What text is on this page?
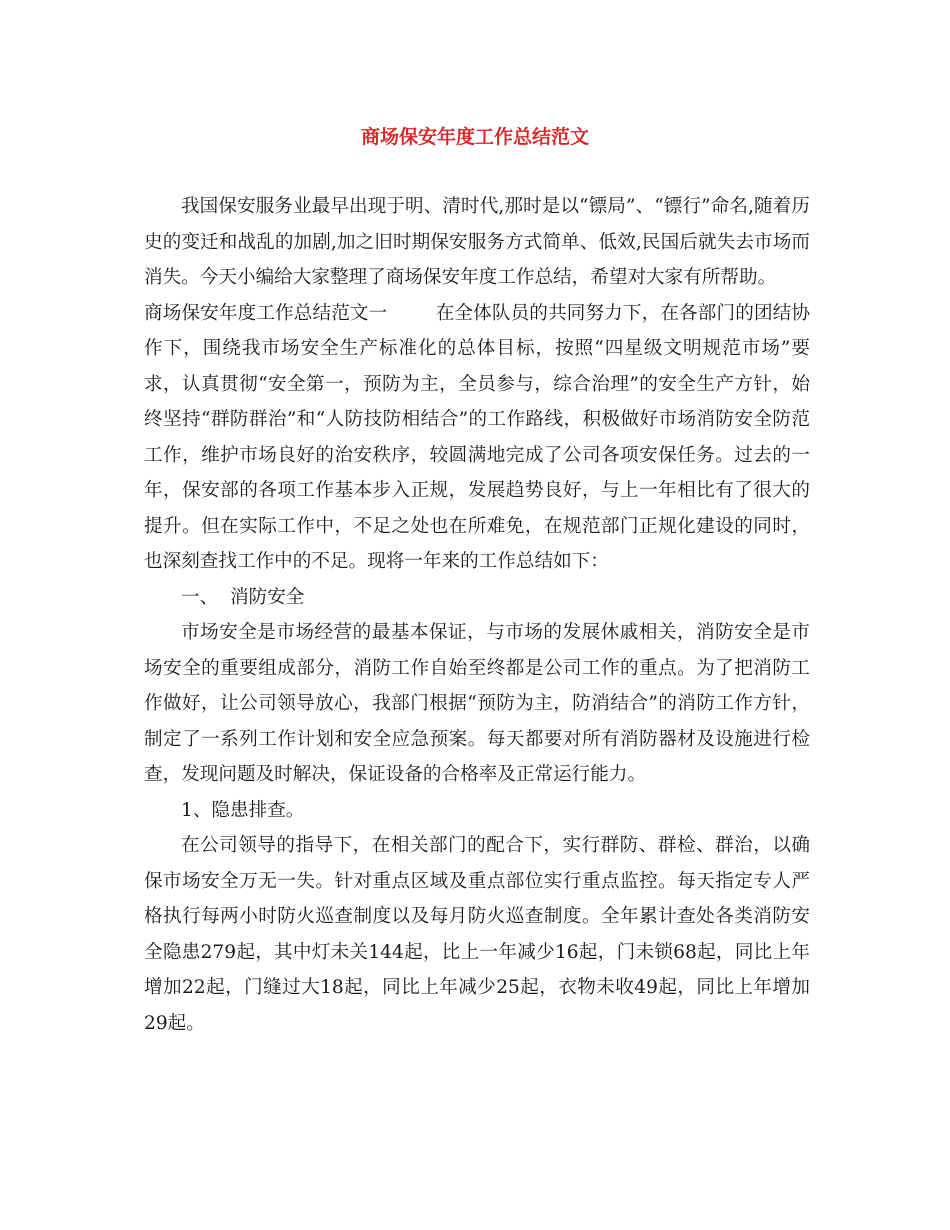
商场保安年度工作总结范文

我国保安服务业最早出现于明、清时代,那时是以“镖局”、“镖行”命名,随着历史的变迁和战乱的加剧,加之旧时期保安服务方式简单、低效,民国后就失去市场而消失。今天小编给大家整理了商场保安年度工作总结，希望对大家有所帮助。

商场保安年度工作总结范文一	在全体队员的共同努力下，在各部门的团结协作下，围绕我市场安全生产标准化的总体目标，按照“四星级文明规范市场”要求，认真贯彻“安全第一，预防为主，全员参与，综合治理”的安全生产方针，始终坚持“群防群治”和“人防技防相结合”的工作路线，积极做好市场消防安全防范工作，维护市场良好的治安秩序，较圆满地完成了公司各项安保任务。过去的一年，保安部的各项工作基本步入正规，发展趋势良好，与上一年相比有了很大的提升。但在实际工作中，不足之处也在所难免，在规范部门正规化建设的同时，也深刻查找工作中的不足。现将一年来的工作总结如下：

一、  消防安全

市场安全是市场经营的最基本保证，与市场的发展休戚相关，消防安全是市场安全的重要组成部分，消防工作自始至终都是公司工作的重点。为了把消防工作做好，让公司领导放心，我部门根据“预防为主，防消结合”的消防工作方针，制定了一系列工作计划和安全应急预案。每天都要对所有消防器材及设施进行检查，发现问题及时解决，保证设备的合格率及正常运行能力。

1、隐患排查。

在公司领导的指导下，在相关部门的配合下，实行群防、群检、群治，以确保市场安全万无一失。针对重点区域及重点部位实行重点监控。每天指定专人严格执行每两小时防火巡查制度以及每月防火巡查制度。全年累计查处各类消防安全隐患279起，其中灯未关144起，比上一年减少16起，门未锁68起，同比上年增加22起，门缝过大18起，同比上年减少25起，衣物未收49起，同比上年增加29起。
